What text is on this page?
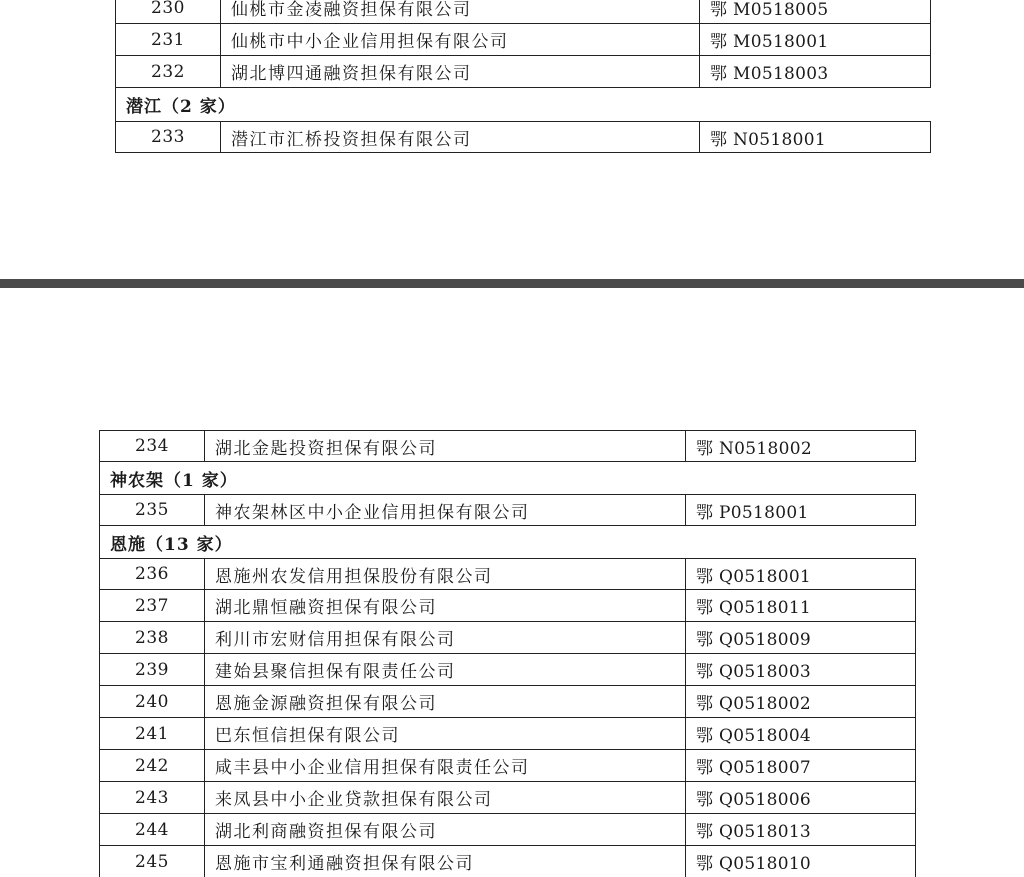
230	仙桃市金凌融资担保有限公司	鄂 M0518005
231	仙桃市中小企业信用担保有限公司	鄂 M0518001
232	湖北博四通融资担保有限公司	鄂 M0518003
潜江（2 家）
233	潜江市汇桥投资担保有限公司	鄂 N0518001
234	湖北金匙投资担保有限公司	鄂 N0518002
神农架（1 家）
235	神农架林区中小企业信用担保有限公司	鄂 P0518001
恩施（13 家）
236	恩施州农发信用担保股份有限公司	鄂 Q0518001
237	湖北鼎恒融资担保有限公司	鄂 Q0518011
238	利川市宏财信用担保有限公司	鄂 Q0518009
239	建始县聚信担保有限责任公司	鄂 Q0518003
240	恩施金源融资担保有限公司	鄂 Q0518002
241	巴东恒信担保有限公司	鄂 Q0518004
242	咸丰县中小企业信用担保有限责任公司	鄂 Q0518007
243	来凤县中小企业贷款担保有限公司	鄂 Q0518006
244	湖北利商融资担保有限公司	鄂 Q0518013
245	恩施市宝利通融资担保有限公司	鄂 Q0518010
